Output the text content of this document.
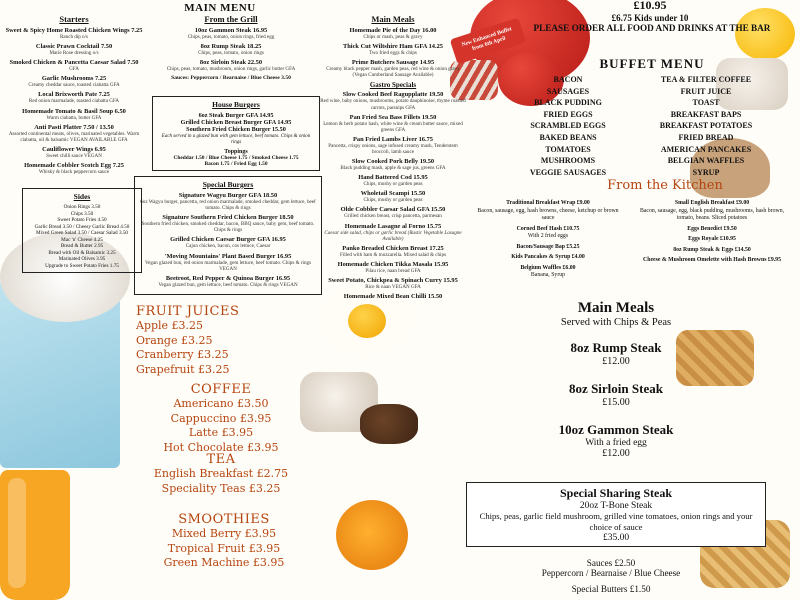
MAIN MENU
Starters
Sweet & Spicy Home Roasted Chicken Wings 7.25
Ranch dip o/s
Classic Prawn Cocktail 7.50
Marie Rose dressing o/s
Smoked Chicken & Pancetta Caesar Salad 7.50
GFA
Garlic Mushrooms 7.25
Creamy cheddar sauce, toasted ciabatta GFA
Local Brixworth Pate 7.25
Red onion marmalade, toasted ciabatta GFA
Homemade Tomato & Basil Soup 6.50
Warm ciabatta, butter GFA
Anti Pasti Platter 7.50 / 13.50
Assorted continental meats, olives, marinated vegetables. Warm ciabatta, oil & balsamic VEGAN AVAILABLE GFA
Cauliflower Wings 6.95
Sweet chilli sauce VEGAN
Homemade Cobbler Scotch Egg 7.25
Whisky & black peppercorn sauce
Sides
Onion Rings 3.50
Chips 3.50
Sweet Potato Fries 4.50
Garlic Bread 3.50 / Cheesy Garlic Bread 4.50
Mixed Green Salad 3.50 / Caesar Salad 3.50
Mac 'n' Cheese 4.25
Bread & Butter 2.95
Bread with Oil & Balsamic 3.25
Marinated Olives 3.95
Upgrade to Sweet Potato Fries 1.75
From the Grill
10oz Gammon Steak 16.95
Chips, peas, tomato, onion rings, fried egg
8oz Rump Steak 18.25
Chips, peas, tomato, onion rings
8oz Sirloin Steak 22.50
Chips, peas, tomato, mushroom, onion rings, garlic butter GFA
Sauces: Peppercorn / Bearnaise / Blue Cheese 3.50
House Burgers
6oz Steak Burger GFA 14.95
Grilled Chicken Breast Burger GFA 14.95
Southern Fried Chicken Burger 15.50
Each served in a glazed bun with gem lettuce, beef tomato. Chips & onion rings
Toppings
Cheddar 1.50 / Blue Cheese 1.75 / Smoked Cheese 1.75
Bacon 1.75 / Fried Egg 1.50
Special Burgers
Signature Wagyu Burger GFA 18.50
6oz Wagyu burger, pancetta, red onion marmalade, smoked cheddar, gem lettuce, beef tomato. Chips & rings
Signature Southern Fried Chicken Burger 18.50
Southern fried chicken, smoked cheddar, bacon, BBQ sauce, baby gem, beef tomato. Chips & rings
Grilled Chicken Caesar Burger GFA 16.95
Cajun chicken, bacon, cos lettuce, Caesar
'Moving Mountains' Plant Based Burger 16.95
Vegan glazed bun, red onion marmalade, gem lettuce, beef tomato. Chips & rings VEGAN
Beetroot, Red Pepper & Quinoa Burger 16.95
Vegan glazed bun, gem lettuce, beef tomato. Chips & rings VEGAN
Main Meals
Homemade Pie of the Day 16.00
Chips or mash, peas & gravy
Thick Cut Wiltshire Ham GFA 14.25
Two fried eggs & chips
Prime Butchers Sausage 14.95
Creamy black pepper mash, garden peas, red wine & onion gravy (Vegan Cumberland Sausage Available)
Gastro Specials
Slow Cooked Beef Ragupplatte 19.50
Red wine, baby onions, mushrooms, potato dauphinoise, thyme roasted carrots, parsnips GFA
Pan Fried Sea Bass Fillets 19.50
Lemon & herb potato hash, white wine & cream butter sauce, mixed greens GFA
Pan Fried Lambs Liver 16.75
Pancetta, crispy onions, sage infused creamy mash, Tenderstem broccoli, lamb sauce
Slow Cooked Pork Belly 19.50
Black pudding mash, apple & sage jus, greens GFA
Hand Battered Cod 15.95
Chips, mushy or garden peas
Wholetail Scampi 15.50
Chips, mushy or garden peas
Olde Cobbler Caesar Salad GFA 15.50
Grilled chicken breast, crisp pancetta, parmesan
Homemade Lasagne al Forno 15.75
Caesar side salad, chips or garlic bread (Rustic Vegetable Lasagne Available)
Panko Breaded Chicken Breast 17.25
Filled with ham & mozzarella. Mixed salad & chips
Homemade Chicken Tikka Masala 15.95
Pilau rice, naan bread GFA
Sweet Potato, Chickpea & Spinach Curry 15.95
Rice & naan VEGAN GFA
Homemade Mixed Bean Chilli 15.50
New Enhanced Buffet from 6th April
£10.95
£6.75 Kids under 10
PLEASE ORDER ALL FOOD AND DRINKS AT THE BAR
BUFFET MENU
BACON
SAUSAGES
BLACK PUDDING
FRIED EGGS
SCRAMBLED EGGS
BAKED BEANS
TOMATOES
MUSHROOMS
VEGGIE SAUSAGES
TEA & FILTER COFFEE
FRUIT JUICE
TOAST
BREAKFAST BAPS
BREAKFAST POTATOES
FRIED BREAD
AMERICAN PANCAKES
BELGIAN WAFFLES
SYRUP
From the Kitchen
Traditional Breakfast Wrap £9.00
Bacon, sausage, egg, hash browns, cheese, ketchup or brown sauce
Corned Beef Hash £10.75
With 2 fried eggs
Bacon/Sausage Bap £5.25
Kids Pancakes & Syrup £4.00
Belgium Waffles £6.00
Banana, Syrup
Small English Breakfast £9.00
Bacon, sausage, egg, black pudding, mushrooms, hash brown, tomato, beans. Sliced potatoes
Eggs Benedict £9.50
Eggs Royale £10.95
8oz Rump Steak & Eggs £14.50
Cheese & Mushroom Omelette with Hash Browns £9.95
FRUIT JUICES
Apple £3.25
Orange £3.25
Cranberry £3.25
Grapefruit £3.25
COFFEE
Americano £3.50
Cappuccino £3.95
Latte £3.95
Hot Chocolate £3.95
TEA
English Breakfast £2.75
Speciality Teas £3.25
SMOOTHIES
Mixed Berry £3.95
Tropical Fruit £3.95
Green Machine £3.95
Main Meals
Served with Chips & Peas
8oz Rump Steak
£12.00
8oz Sirloin Steak
£15.00
10oz Gammon Steak
With a fried egg
£12.00
Special Sharing Steak
20oz T-Bone Steak
Chips, peas, garlic field mushroom, grilled vine tomatoes, onion rings and your choice of sauce
£35.00
Sauces £2.50
Peppercorn / Bearnaise / Blue Cheese
Special Butters £1.50
